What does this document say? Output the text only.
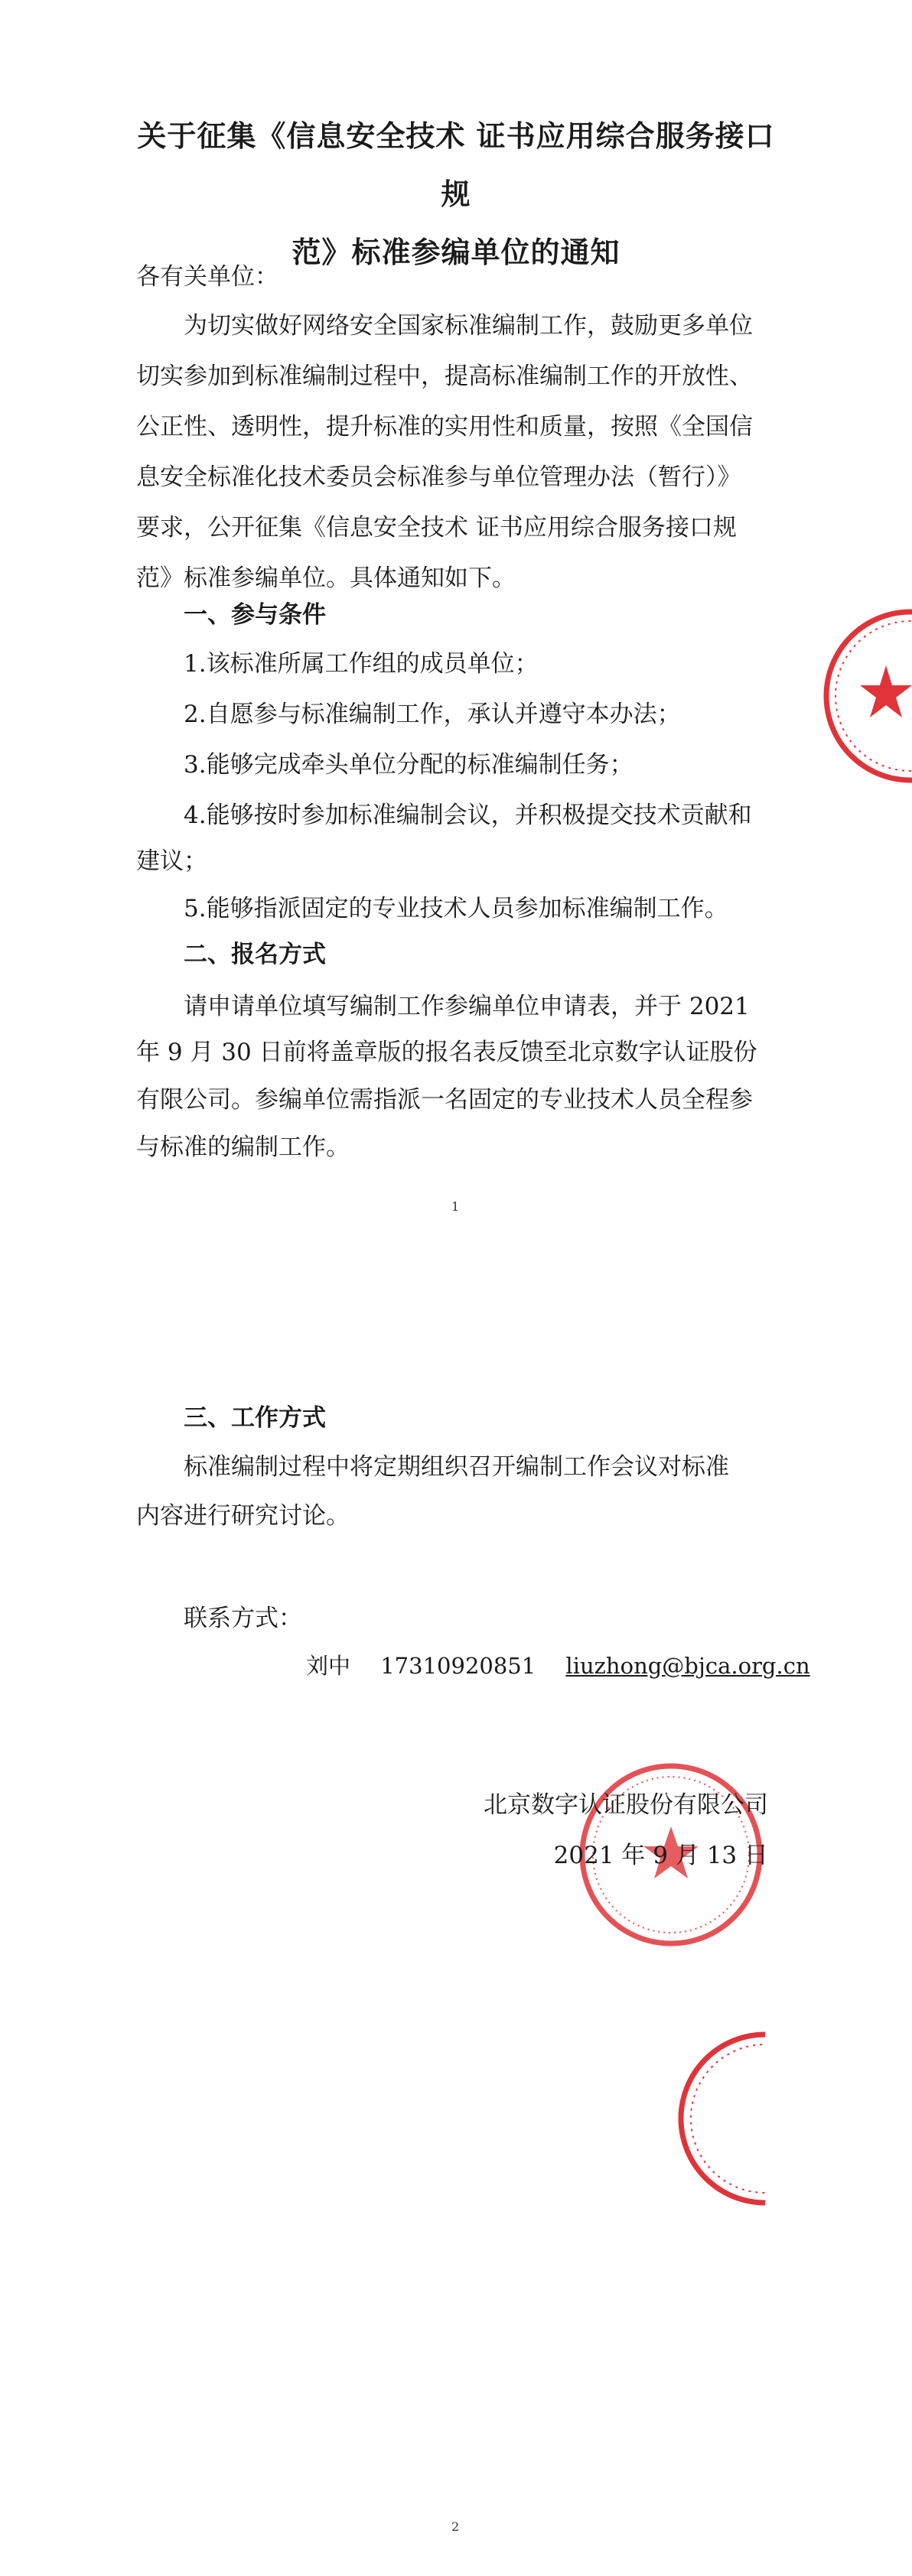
关于征集《信息安全技术 证书应用综合服务接口规
范》标准参编单位的通知

各有关单位：

为切实做好网络安全国家标准编制工作，鼓励更多单位

切实参加到标准编制过程中，提高标准编制工作的开放性、

公正性、透明性，提升标准的实用性和质量，按照《全国信

息安全标准化技术委员会标准参与单位管理办法（暂行）》

要求，公开征集《信息安全技术 证书应用综合服务接口规

范》标准参编单位。具体通知如下。

一、参与条件

1.该标准所属工作组的成员单位；

2.自愿参与标准编制工作，承认并遵守本办法；

3.能够完成牵头单位分配的标准编制任务；

4.能够按时参加标准编制会议，并积极提交技术贡献和

建议；

5.能够指派固定的专业技术人员参加标准编制工作。

二、报名方式

请申请单位填写编制工作参编单位申请表，并于 2021

年 9 月 30 日前将盖章版的报名表反馈至北京数字认证股份

有限公司。参编单位需指派一名固定的专业技术人员全程参

与标准的编制工作。

1

三、工作方式

标准编制过程中将定期组织召开编制工作会议对标准

内容进行研究讨论。

联系方式：

刘中 17310920851 liuzhong@bjca.org.cn
北京数字认证股份有限公司
2021 年 9 月 13 日
2
